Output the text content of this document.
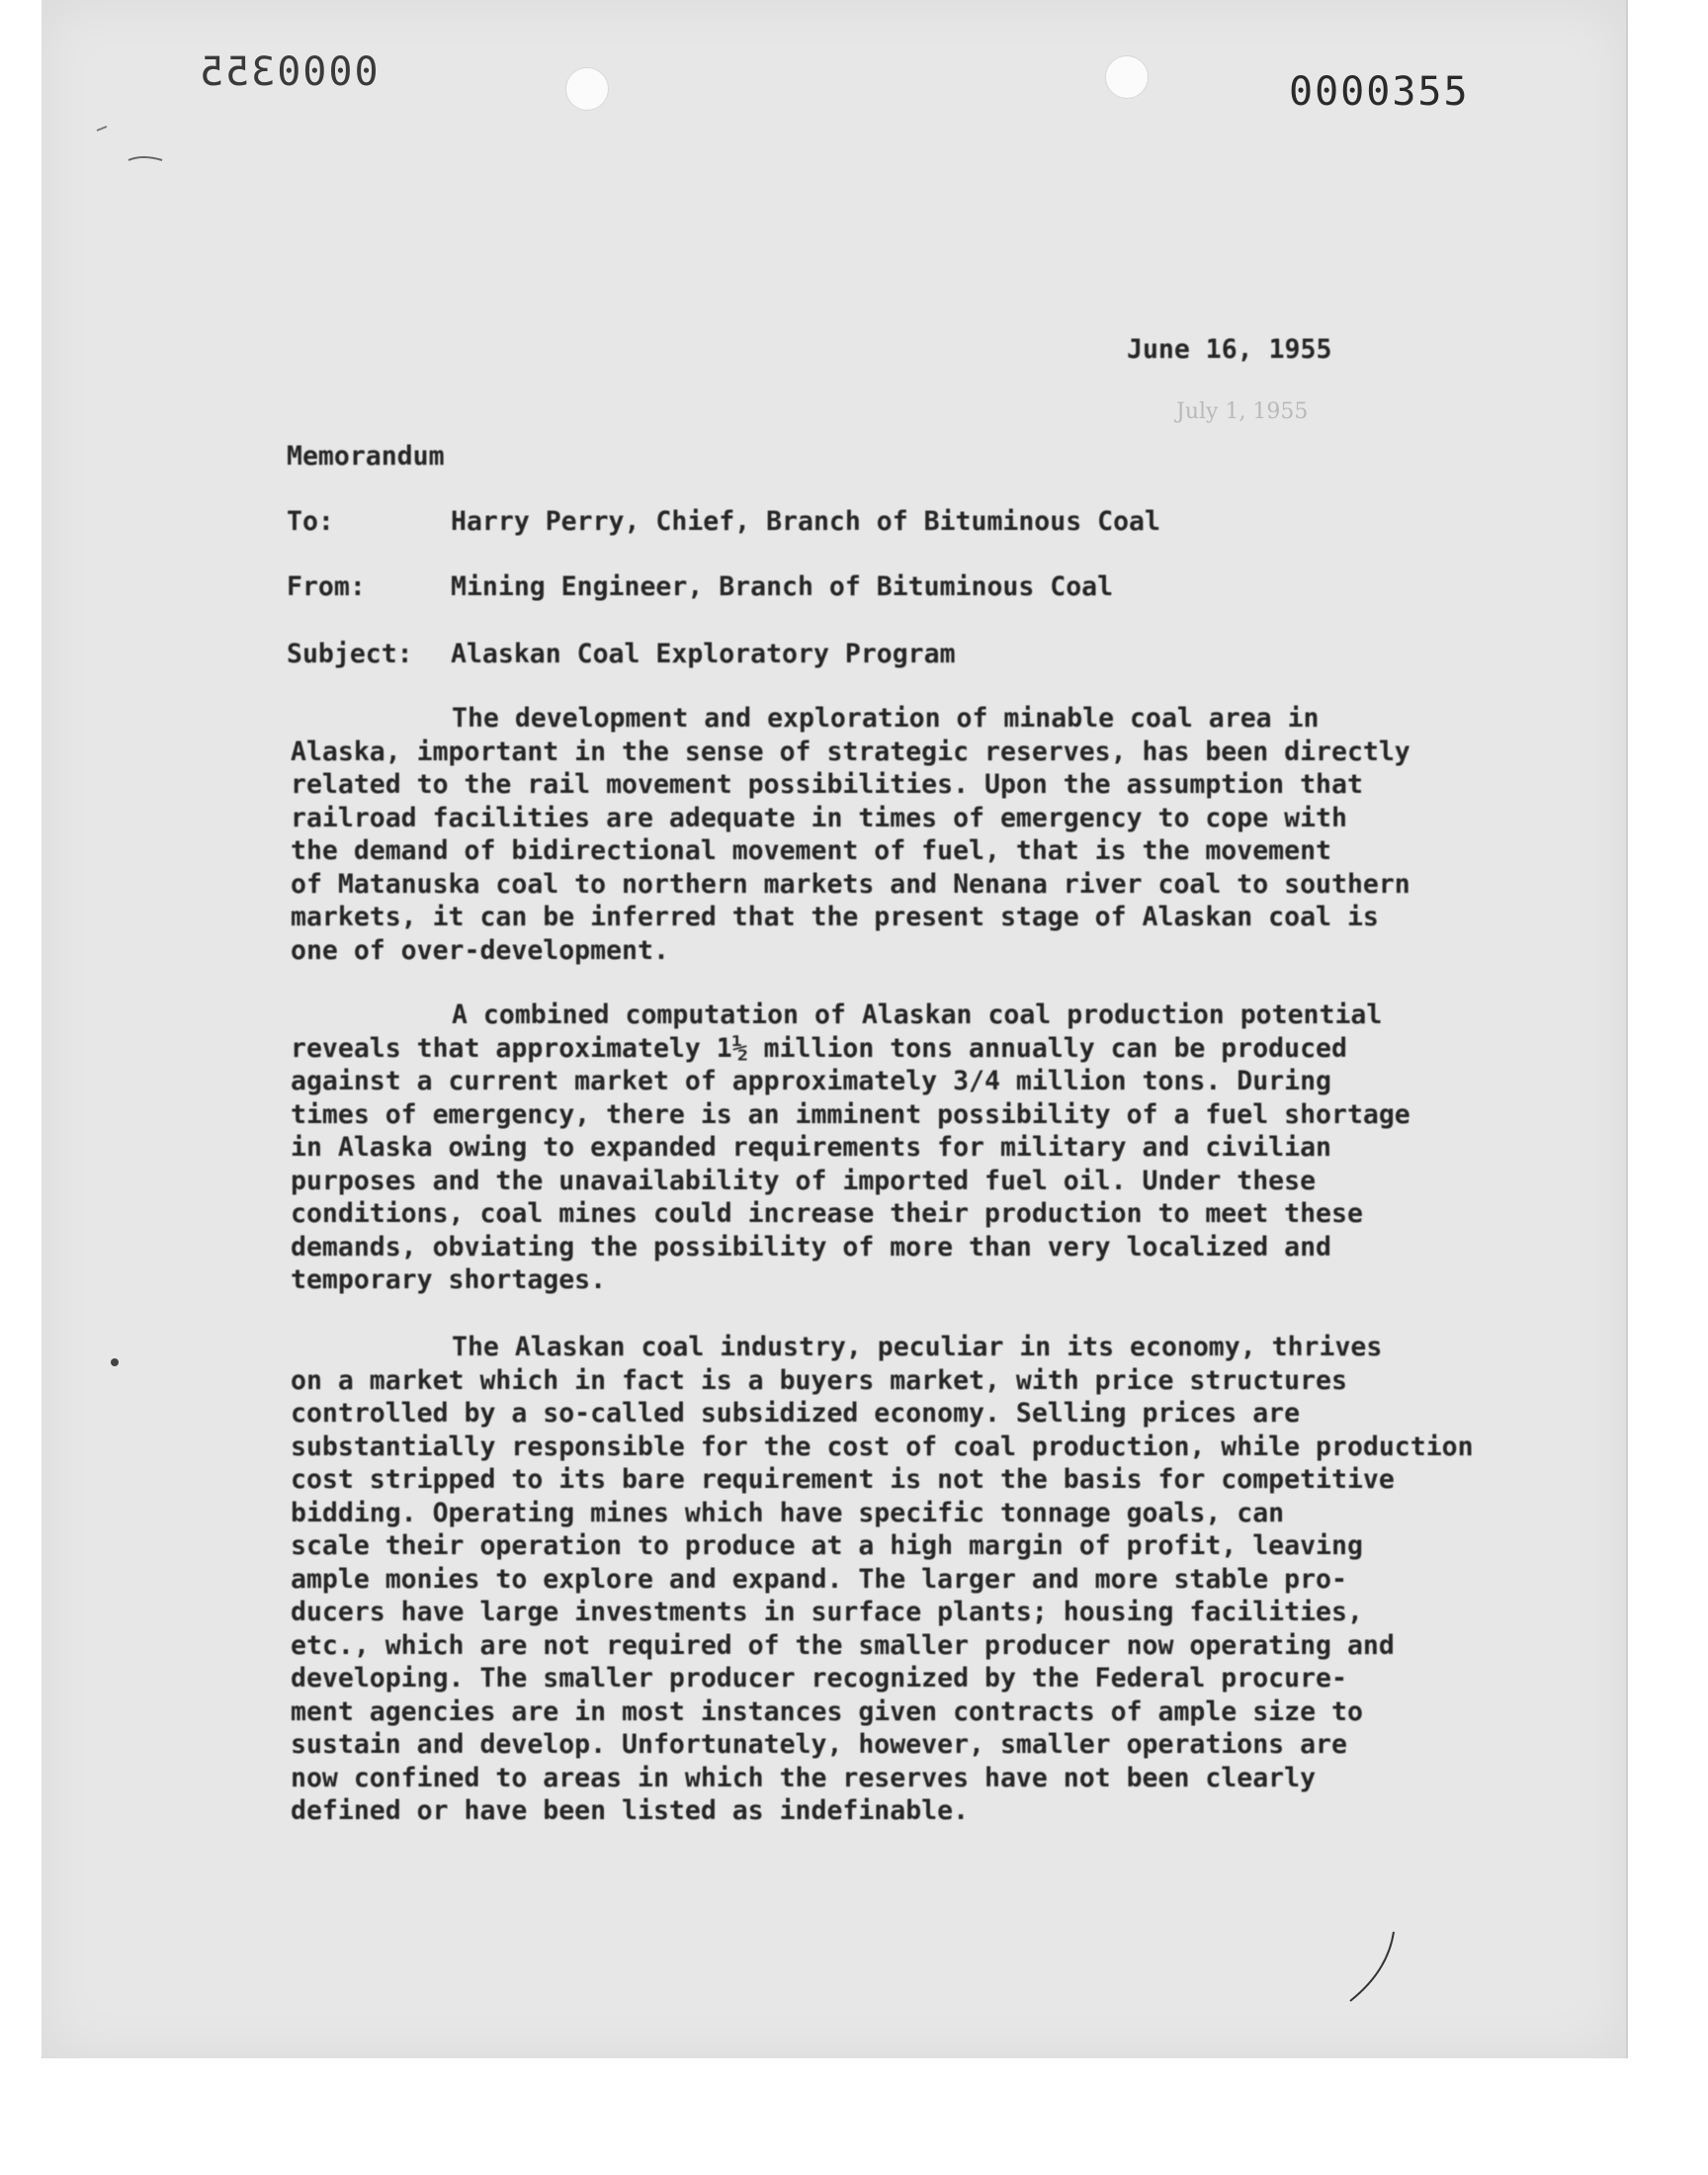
0000355	0000355
July 1, 1955
June 16, 1955
Memorandum
To:	Harry Perry, Chief, Branch of Bituminous Coal
From:	Mining Engineer, Branch of Bituminous Coal
Subject: Alaskan Coal Exploratory Program
The development and exploration of minable coal area in
Alaska, important in the sense of strategic reserves, has been directly
related to the rail movement possibilities. Upon the assumption that
railroad facilities are adequate in times of emergency to cope with
the demand of bidirectional movement of fuel, that is the movement
of Matanuska coal to northern markets and Nenana river coal to southern
markets, it can be inferred that the present stage of Alaskan coal is
one of over-development.
A combined computation of Alaskan coal production potential
reveals that approximately 1½ million tons annually can be produced
against a current market of approximately 3/4 million tons. During
times of emergency, there is an imminent possibility of a fuel shortage
in Alaska owing to expanded requirements for military and civilian
purposes and the unavailability of imported fuel oil. Under these
conditions, coal mines could increase their production to meet these
demands, obviating the possibility of more than very localized and
temporary shortages.
The Alaskan coal industry, peculiar in its economy, thrives
on a market which in fact is a buyers market, with price structures
controlled by a so-called subsidized economy. Selling prices are
substantially responsible for the cost of coal production, while production
cost stripped to its bare requirement is not the basis for competitive
bidding. Operating mines which have specific tonnage goals, can
scale their operation to produce at a high margin of profit, leaving
ample monies to explore and expand. The larger and more stable pro-
ducers have large investments in surface plants; housing facilities,
etc., which are not required of the smaller producer now operating and
developing. The smaller producer recognized by the Federal procure-
ment agencies are in most instances given contracts of ample size to
sustain and develop. Unfortunately, however, smaller operations are
now confined to areas in which the reserves have not been clearly
defined or have been listed as indefinable.
